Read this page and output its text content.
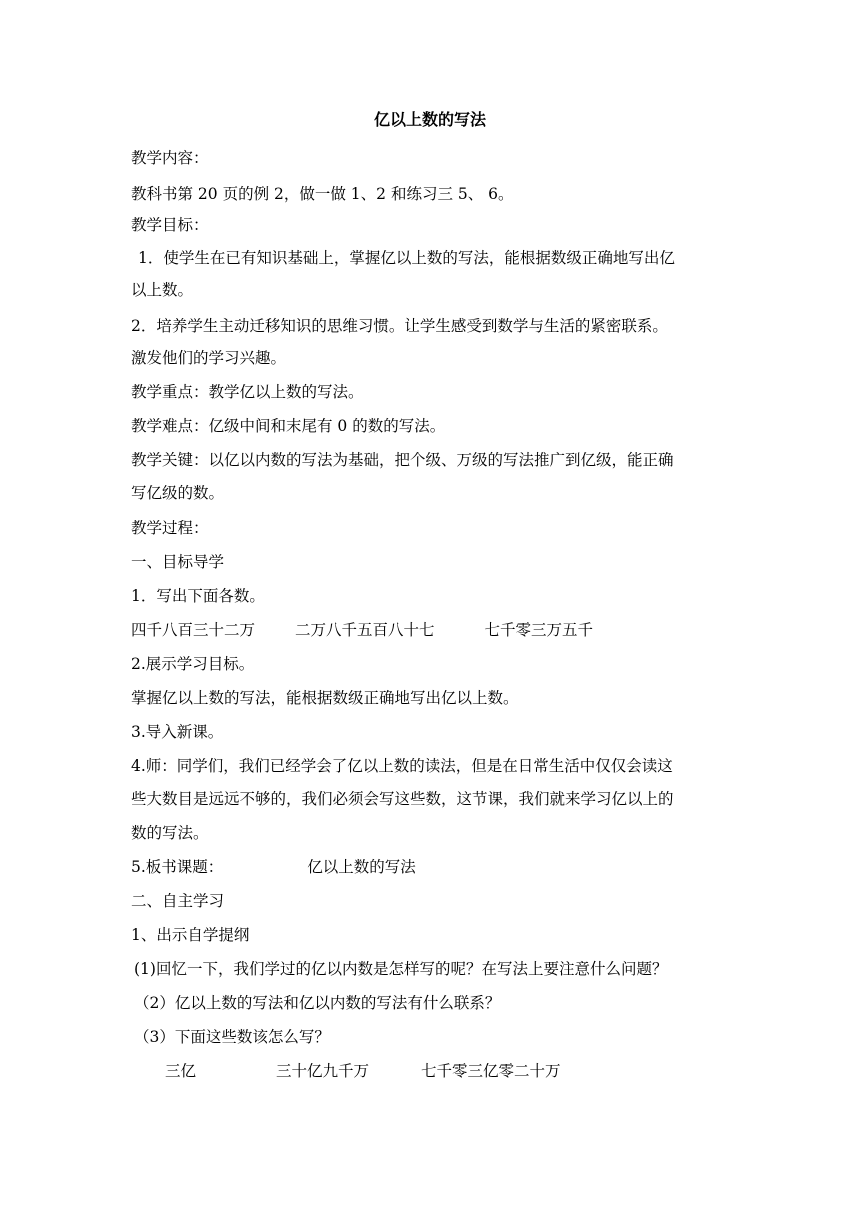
亿以上数的写法
教学内容：
教科书第 20 页的例 2，做一做 1、2 和练习三 5、 6。
教学目标：
1．使学生在已有知识基础上，掌握亿以上数的写法，能根据数级正确地写出亿
以上数。
2．培养学生主动迁移知识的思维习惯。让学生感受到数学与生活的紧密联系。
激发他们的学习兴趣。
教学重点：教学亿以上数的写法。
教学难点：亿级中间和末尾有 0 的数的写法。
教学关键：以亿以内数的写法为基础，把个级、万级的写法推广到亿级，能正确
写亿级的数。
教学过程：
一、目标导学
1．写出下面各数。
四千八百三十二万	二万八千五百八十七	七千零三万五千
2.展示学习目标。
掌握亿以上数的写法，能根据数级正确地写出亿以上数。
3.导入新课。
4.师：同学们，我们已经学会了亿以上数的读法，但是在日常生活中仅仅会读这
些大数目是远远不够的，我们必须会写这些数，这节课，我们就来学习亿以上的
数的写法。
5.板书课题：	亿以上数的写法
二、自主学习
1、出示自学提纲
(1)回忆一下，我们学过的亿以内数是怎样写的呢？在写法上要注意什么问题？
（2）亿以上数的写法和亿以内数的写法有什么联系？
（3）下面这些数该怎么写？
三亿	三十亿九千万	七千零三亿零二十万
